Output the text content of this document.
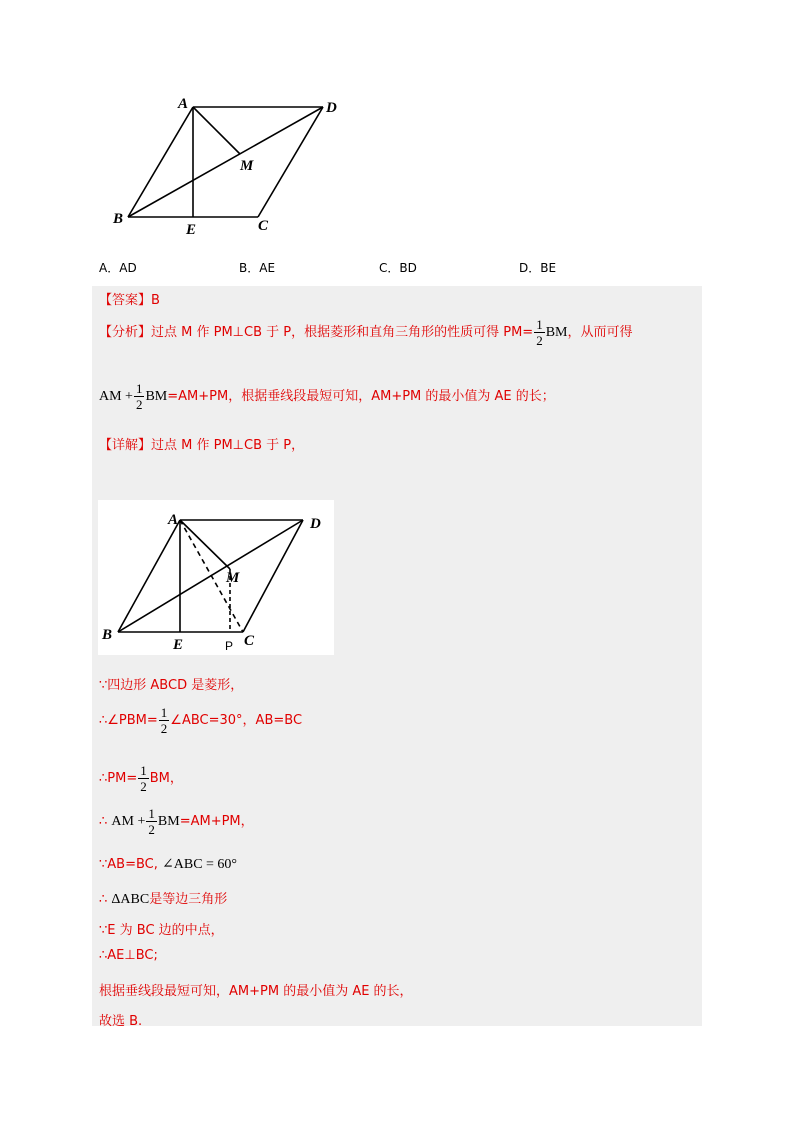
A	D
M
B
E	C
A．AD	B．AE	C．BD	D．BE
【答案】B
【分析】过点 M 作 PM⊥CB 于 P，根据菱形和直角三角形的性质可得 $PM= \frac{1}{2}$ BM，从而可得
AM + $\frac{1}{2} BM=AM+PM$，根据垂线段最短可知，AM+PM 的最小值为 AE 的长；
【详解】过点 M 作 PM⊥CB 于 P，
A	D
M
B
E	C
P
∵四边形 ABCD 是菱形，
∴∠PBM= $\frac{1}{2}$ ∠ABC=30°，AB=BC
∴PM= $\frac{1}{2}$ BM，
∴ AM + $\frac{1}{2} BM=AM+PM$，
∵AB=BC, ∠ABC = 60°
∴ ΔABC是等边三角形
∵E 为 BC 边的中点，
∴AE⊥BC;
根据垂线段最短可知，AM+PM 的最小值为 AE 的长，
故选 B.
